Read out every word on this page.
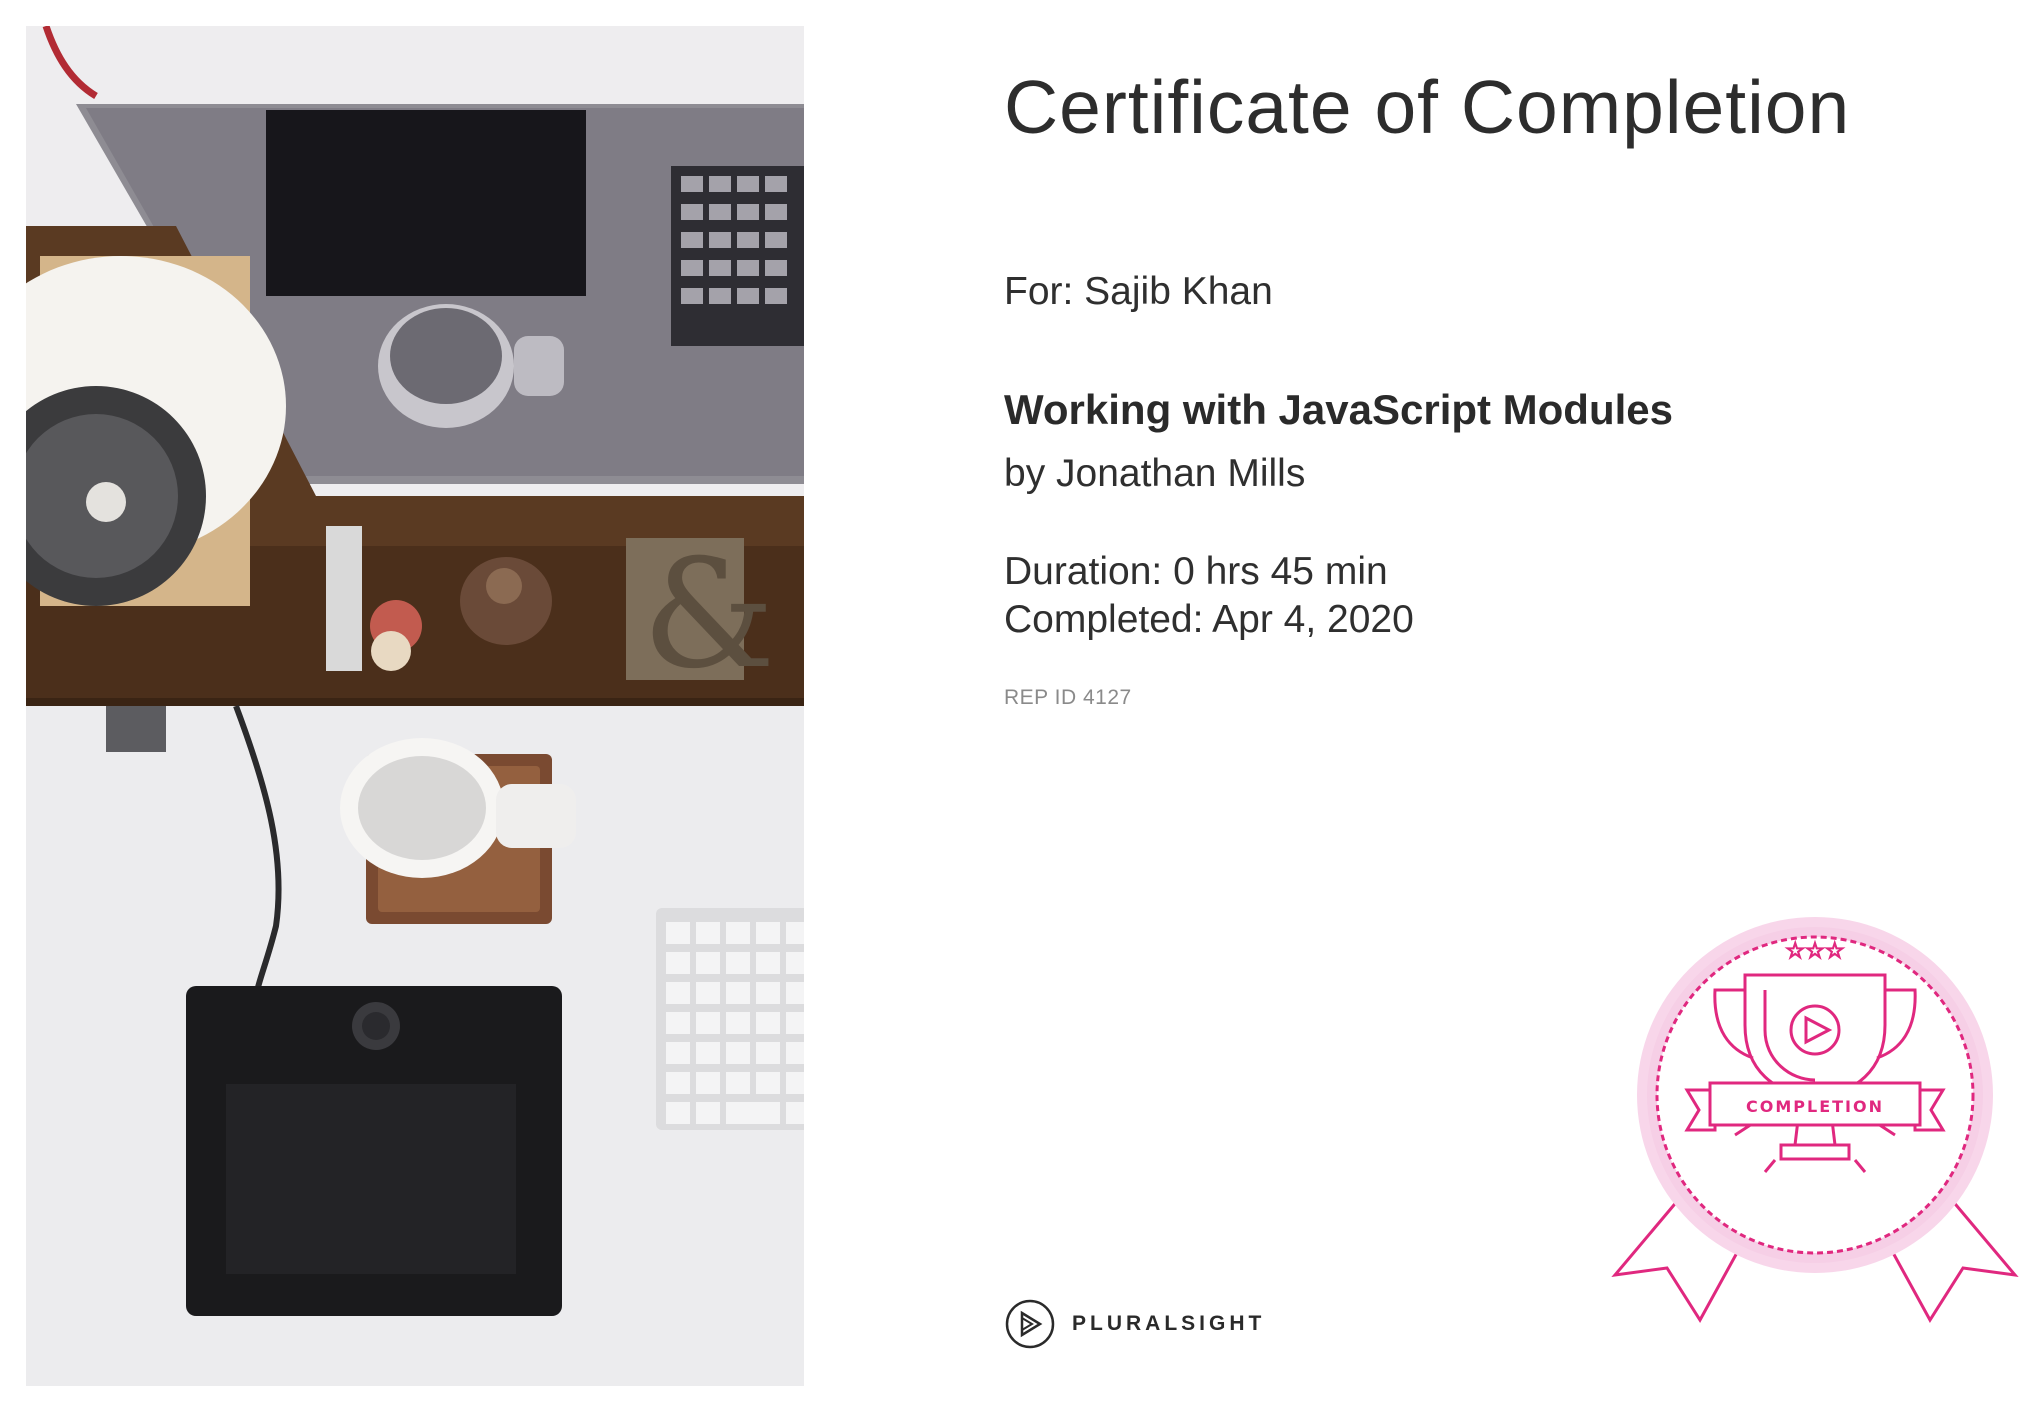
&
Certificate of Completion
For: Sajib Khan
Working with JavaScript Modules
by Jonathan Mills
Duration: 0 hrs 45 min
Completed: Apr 4, 2020
REP ID 4127
☆☆☆
COMPLETION
PLURALSIGHT
